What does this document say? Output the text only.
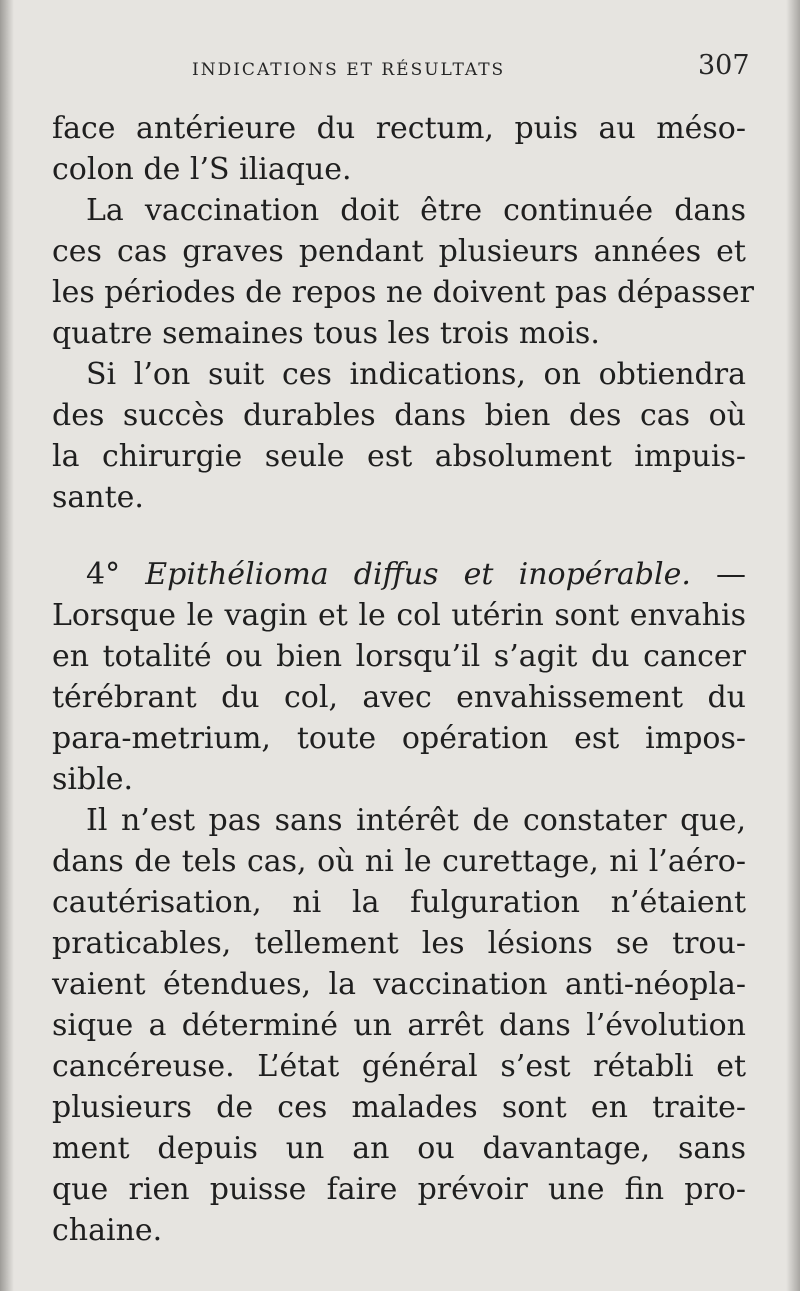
INDICATIONS ET RÉSULTATS	307
face antérieure du rectum, puis au méso-
colon de l’S iliaque.
La vaccination doit être continuée dans
ces cas graves pendant plusieurs années et
les périodes de repos ne doivent pas dépasser
quatre semaines tous les trois mois.
Si l’on suit ces indications, on obtiendra
des succès durables dans bien des cas où
la chirurgie seule est absolument impuis-
sante.
4° Epithélioma diffus et inopérable. —
Lorsque le vagin et le col utérin sont envahis
en totalité ou bien lorsqu’il s’agit du cancer
térébrant du col, avec envahissement du
para-metrium, toute opération est impos-
sible.
Il n’est pas sans intérêt de constater que,
dans de tels cas, où ni le curettage, ni l’aéro-
cautérisation, ni la fulguration n’étaient
praticables, tellement les lésions se trou-
vaient étendues, la vaccination anti-néopla-
sique a déterminé un arrêt dans l’évolution
cancéreuse. L’état général s’est rétabli et
plusieurs de ces malades sont en traite-
ment depuis un an ou davantage, sans
que rien puisse faire prévoir une fin pro-
chaine.
